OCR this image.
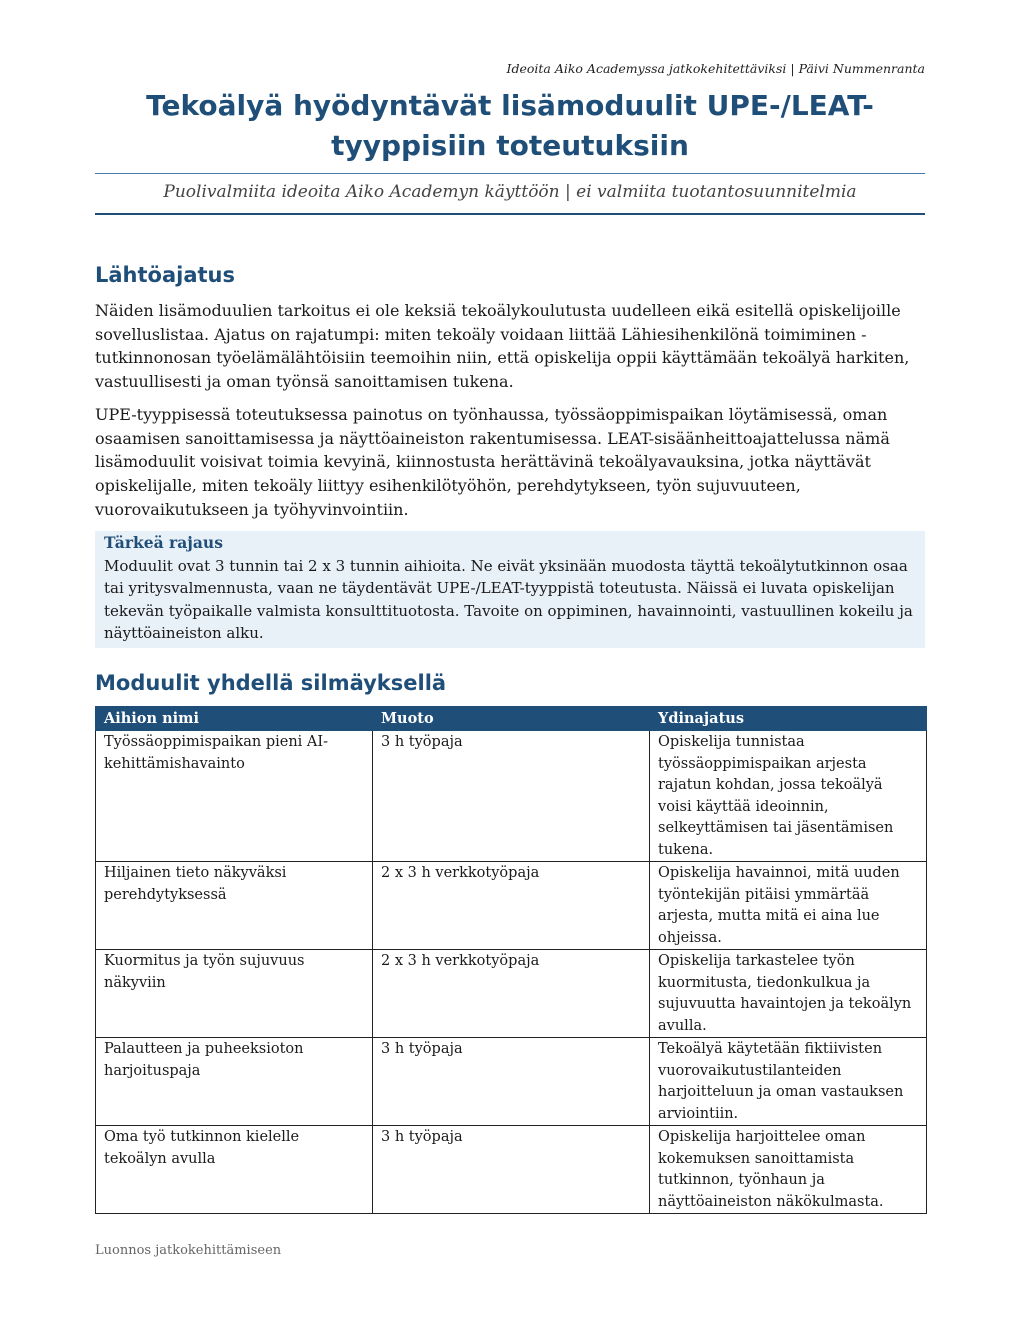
Ideoita Aiko Academyssa jatkokehitettäviksi | Päivi Nummenranta
Tekoälyä hyödyntävät lisämoduulit UPE-/LEAT-tyyppisiin toteutuksiin
Puolivalmiita ideoita Aiko Academyn käyttöön | ei valmiita tuotantosuunnitelmia
Lähtöajatus

Näiden lisämoduulien tarkoitus ei ole keksiä tekoälykoulutusta uudelleen eikä esitellä opiskelijoille sovelluslistaa. Ajatus on rajatumpi: miten tekoäly voidaan liittää Lähiesihenkilönä toimiminen -tutkinnonosan työelämälähtöisiin teemoihin niin, että opiskelija oppii käyttämään tekoälyä harkiten, vastuullisesti ja oman työnsä sanoittamisen tukena.

UPE-tyyppisessä toteutuksessa painotus on työnhaussa, työssäoppimispaikan löytämisessä, oman osaamisen sanoittamisessa ja näyttöaineiston rakentumisessa. LEAT-sisäänheittoajattelussa nämä lisämoduulit voisivat toimia kevyinä, kiinnostusta herättävinä tekoälyavauksina, jotka näyttävät opiskelijalle, miten tekoäly liittyy esihenkilötyöhön, perehdytykseen, työn sujuvuuteen, vuorovaikutukseen ja työhyvinvointiin.

Tärkeä rajaus
Moduulit ovat 3 tunnin tai 2 x 3 tunnin aihioita. Ne eivät yksinään muodosta täyttä tekoälytutkinnon osaa tai yritysvalmennusta, vaan ne täydentävät UPE-/LEAT-tyyppistä toteutusta. Näissä ei luvata opiskelijan tekevän työpaikalle valmista konsulttituotosta. Tavoite on oppiminen, havainnointi, vastuullinen kokeilu ja näyttöaineiston alku.
Moduulit yhdellä silmäyksellä
Aihion nimi	Muoto	Ydinajatus
Työssäoppimispaikan pieni AI-kehittämishavainto	3 h työpaja	Opiskelija tunnistaa työssäoppimispaikan arjesta rajatun kohdan, jossa tekoälyä voisi käyttää ideoinnin, selkeyttämisen tai jäsentämisen tukena.
Hiljainen tieto näkyväksi perehdytyksessä	2 x 3 h verkkotyöpaja	Opiskelija havainnoi, mitä uuden työntekijän pitäisi ymmärtää arjesta, mutta mitä ei aina lue ohjeissa.
Kuormitus ja työn sujuvuus näkyviin	2 x 3 h verkkotyöpaja	Opiskelija tarkastelee työn kuormitusta, tiedonkulkua ja sujuvuutta havaintojen ja tekoälyn avulla.
Palautteen ja puheeksioton harjoituspaja	3 h työpaja	Tekoälyä käytetään fiktiivisten vuorovaikutustilanteiden harjoitteluun ja oman vastauksen arviointiin.
Oma työ tutkinnon kielelle tekoälyn avulla	3 h työpaja	Opiskelija harjoittelee oman kokemuksen sanoittamista tutkinnon, työnhaun ja näyttöaineiston näkökulmasta.
Luonnos jatkokehittämiseen
